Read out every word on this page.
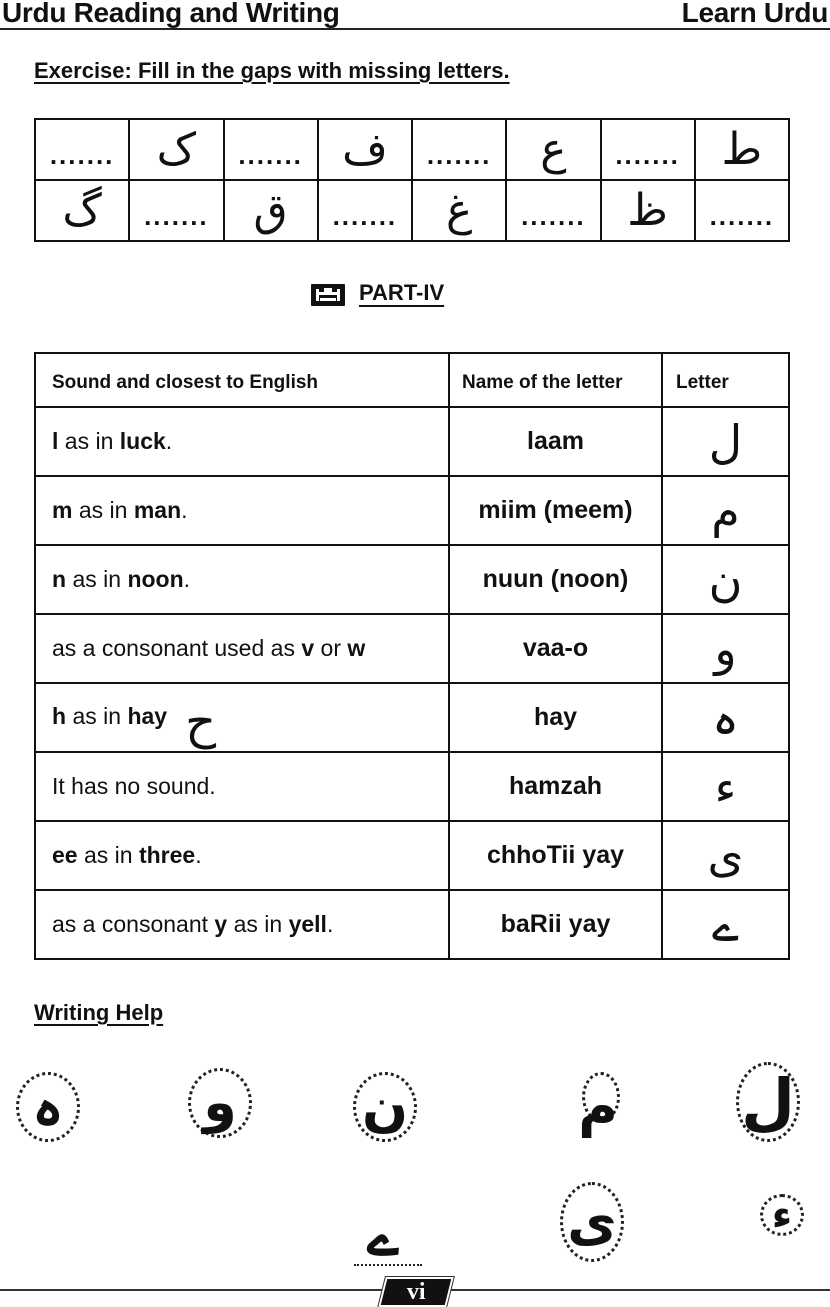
Urdu Reading and Writing	Learn Urdu
Exercise: Fill in the gaps with missing letters.
.......	ک	.......	ف	.......	ع	.......	ط
گ	.......	ق	.......	غ	.......	ظ	.......
PART-IV
Sound and closest to English	Name of the letter	Letter
l as in luck.	laam	ل
m as in man.	miim (meem)	م
n as in noon.	nuun (noon)	ن
as a consonant used as v or w	vaa-o	و
h as in hay ح	hay	ہ
It has no sound.	hamzah	ء
ee as in three.	chhoTii yay	ی
as a consonant y as in yell.	baRii yay	ے
Writing Help
ہ	و ن	م ل
ے	ی	ء
vi
